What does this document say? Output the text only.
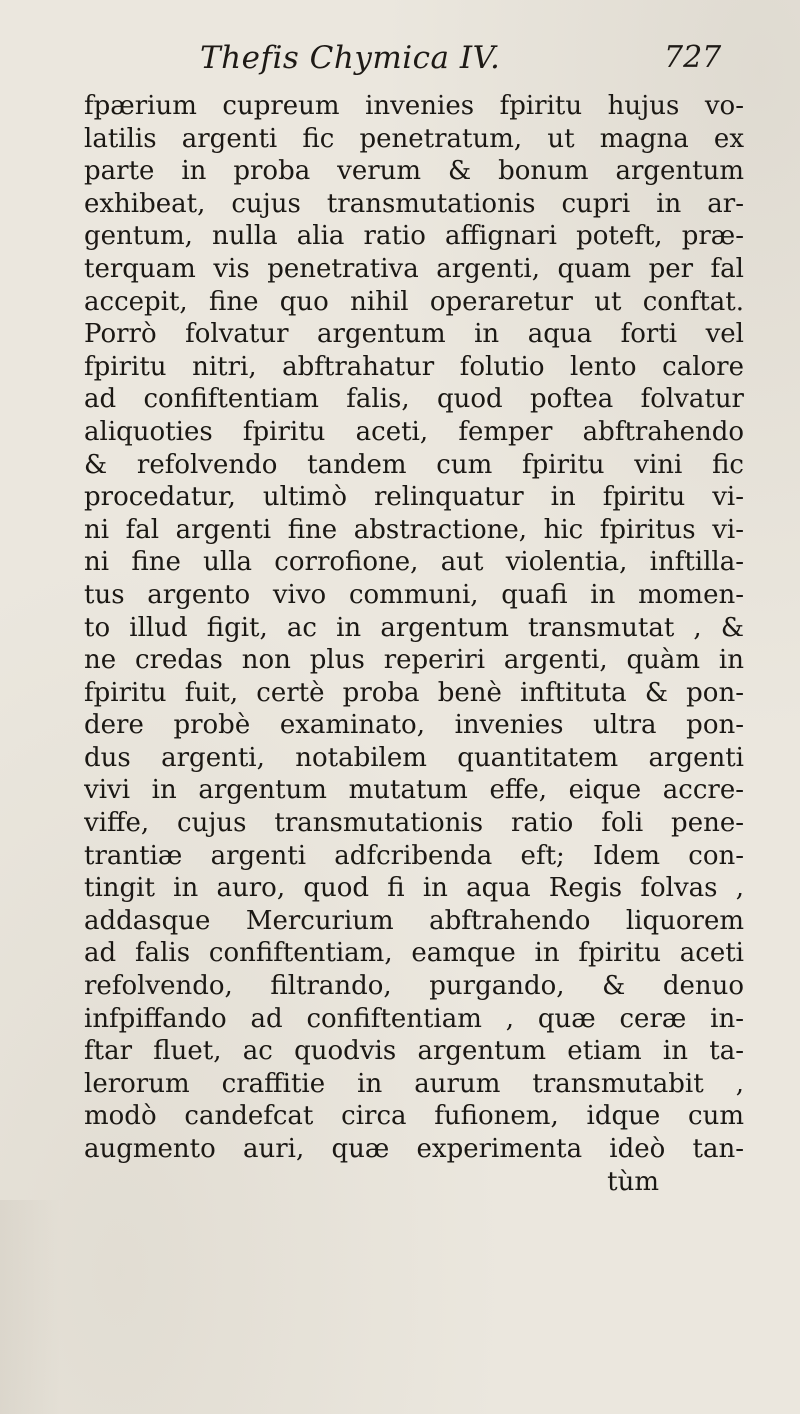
Thefis Chymica IV.	727
fpærium cupreum invenies fpiritu hujus vo-
latilis argenti fic penetratum, ut magna ex
parte in proba verum & bonum argentum
exhibeat, cujus transmutationis cupri in ar-
gentum, nulla alia ratio affignari poteft, præ-
terquam vis penetrativa argenti, quam per fal
accepit, fine quo nihil operaretur ut conftat.
Porrò folvatur argentum in aqua forti vel
fpiritu nitri, abftrahatur folutio lento calore
ad confiftentiam falis, quod poftea folvatur
aliquoties fpiritu aceti, femper abftrahendo
& refolvendo tandem cum fpiritu vini fic
procedatur, ultimò relinquatur in fpiritu vi-
ni fal argenti fine abstractione, hic fpiritus vi-
ni fine ulla corrofione, aut violentia, inftilla-
tus argento vivo communi, quafi in momen-
to illud figit, ac in argentum transmutat , &
ne credas non plus reperiri argenti, quàm in
fpiritu fuit, certè proba benè inftituta & pon-
dere probè examinato, invenies ultra pon-
dus argenti, notabilem quantitatem argenti
vivi in argentum mutatum effe, eique accre-
viffe, cujus transmutationis ratio foli pene-
trantiæ argenti adfcribenda eft; Idem con-
tingit in auro, quod fi in aqua Regis folvas ,
addasque Mercurium abftrahendo liquorem
ad falis confiftentiam, eamque in fpiritu aceti
refolvendo, filtrando, purgando, & denuo
infpiffando ad confiftentiam , quæ ceræ in-
ftar fluet, ac quodvis argentum etiam in ta-
lerorum craffitie in aurum transmutabit ,
modò candefcat circa fufionem, idque cum
augmento auri, quæ experimenta ideò tan-
tùm
